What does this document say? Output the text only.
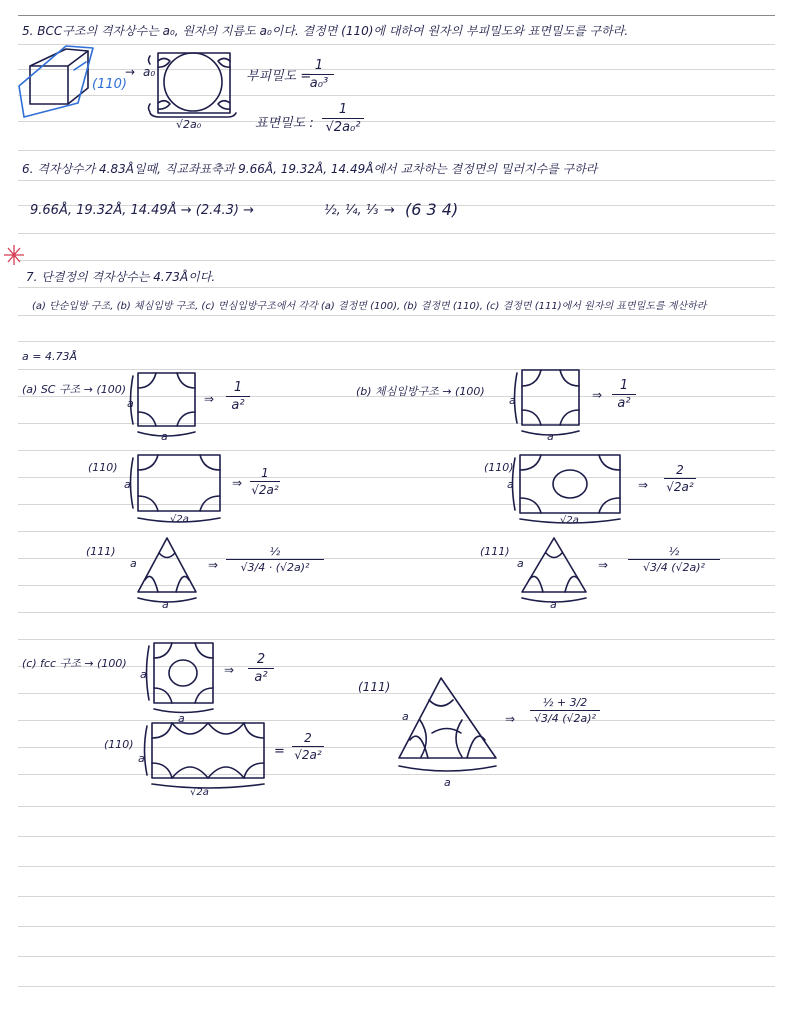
5. BCC구조의 격자상수는 a₀, 원자의 지름도 a₀이다. 결정면 (110)에 대하여 원자의 부피밀도와 표면밀도를 구하라.
(110)
→ a₀
√2a₀
부피밀도 =
1
a₀³
표면밀도 :
1
√2a₀²
6. 격자상수가 4.83Å일때, 직교좌표축과 9.66Å, 19.32Å, 14.49Å에서 교차하는 결정면의 밀러지수를 구하라
9.66Å, 19.32Å, 14.49Å → (2.4.3) →	½, ¼, ⅓ → (6 3 4)
7. 단결정의 격자상수는 4.73Å이다.
(a) 단순입방 구조, (b) 체심입방 구조, (c) 면심입방구조에서 각각 (a) 결정면 (100), (b) 결정면 (110), (c) 결정면 (111)에서 원자의 표면밀도를 계산하라
a = 4.73Å
(a) SC 구조 → (100)
a
a
⇒
1
a²
(110)
a
√2a
⇒
1
√2a²
(111)
a
a
⇒
½
√3/4 · (√2a)²
(b) 체심입방구조 → (100)
a
a
⇒
1
a²
(110)
a
√2a
⇒
2
√2a²
(111)
a
a
⇒
½
√3/4 (√2a)²
(c) fcc 구조 → (100)
a
a
⇒
2
a²
(110)
a
√2a
=
2
√2a²
(111)
a
a
⇒
½ + 3/2
√3/4 (√2a)²
